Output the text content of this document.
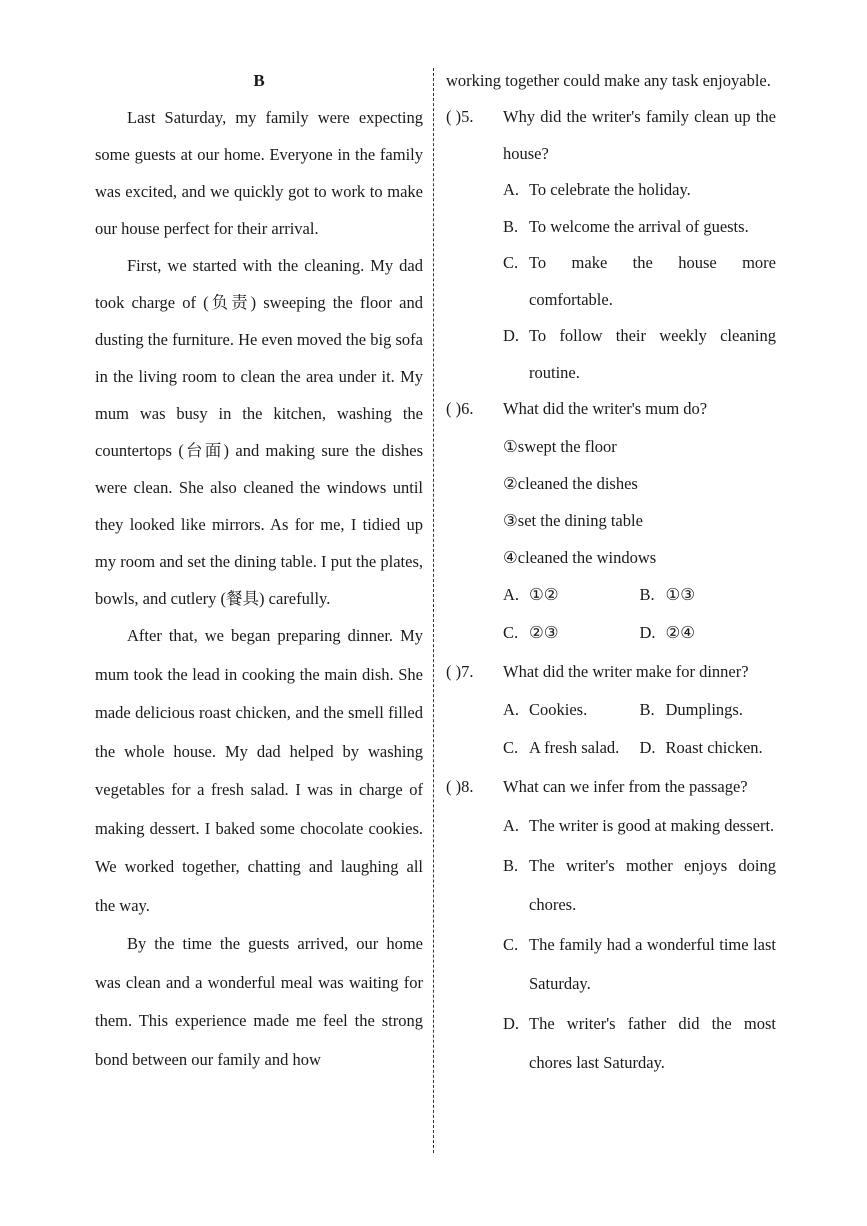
B

Last Saturday, my family were expecting some guests at our home. Everyone in the family was excited, and we quickly got to work to make our house perfect for their arrival.

First, we started with the cleaning. My dad took charge of (负责) sweeping the floor and dusting the furniture. He even moved the big sofa in the living room to clean the area under it. My mum was busy in the kitchen, washing the countertops (台面) and making sure the dishes were clean. She also cleaned the windows until they looked like mirrors. As for me, I tidied up my room and set the dining table. I put the plates, bowls, and cutlery (餐具) carefully.

After that, we began preparing dinner. My mum took the lead in cooking the main dish. She made delicious roast chicken, and the smell filled the whole house. My dad helped by washing vegetables for a fresh salad. I was in charge of making dessert. I baked some chocolate cookies. We worked together, chatting and laughing all the way.

By the time the guests arrived, our home was clean and a wonderful meal was waiting for them. This experience made me feel the strong bond between our family and how

working together could make any task enjoyable.

( )5.	Why did the writer's family clean up the house?
A. To celebrate the holiday.
B. To welcome the arrival of guests.
C. To make the house more comfortable.
D. To follow their weekly cleaning routine.
( )6.	What did the writer's mum do?
①swept the floor
②cleaned the dishes
③set the dining table
④cleaned the windows
A. ①②	B. ①③
C. ②③	D. ②④
( )7.	What did the writer make for dinner?
A. Cookies.	B. Dumplings.
C. A fresh salad. D. Roast chicken.
( )8.	What can we infer from the passage?
A. The writer is good at making dessert.
B. The writer's mother enjoys doing chores.
C. The family had a wonderful time last Saturday.
D. The writer's father did the most chores last Saturday.
